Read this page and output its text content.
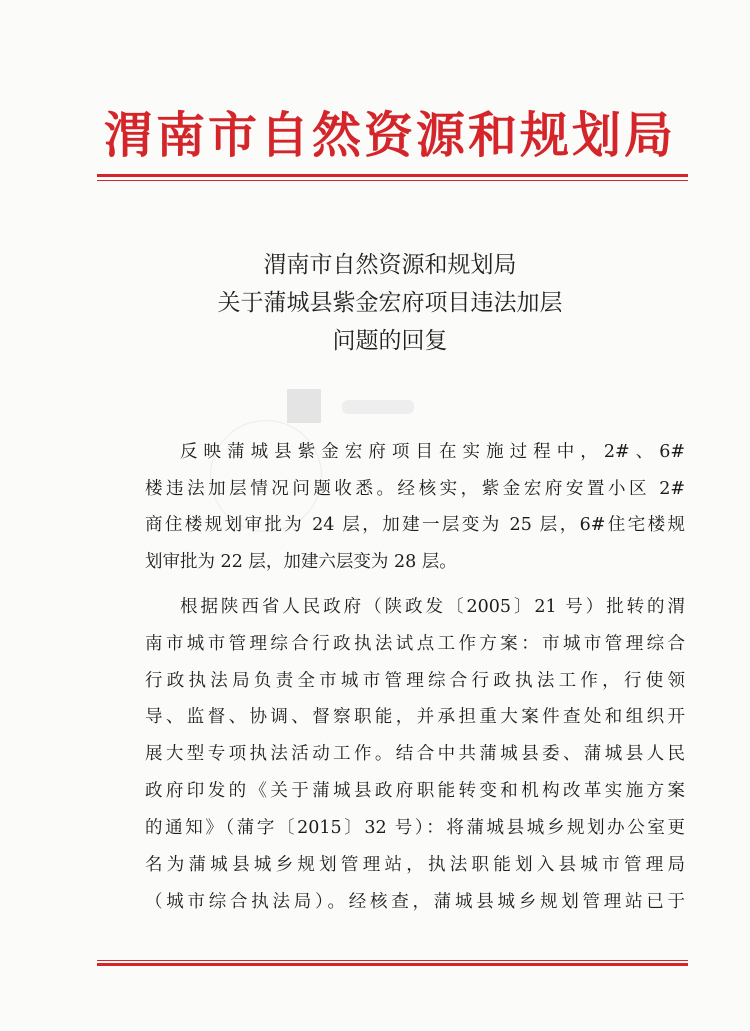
渭南市自然资源和规划局
渭南市自然资源和规划局
关于蒲城县紫金宏府项目违法加层
问题的回复
反映蒲城县紫金宏府项目在实施过程中，2#、6#
楼违法加层情况问题收悉。经核实，紫金宏府安置小区 2#
商住楼规划审批为 24 层，加建一层变为 25 层，6#住宅楼规
划审批为 22 层，加建六层变为 28 层。
根据陕西省人民政府（陕政发〔2005〕21 号）批转的渭
南市城市管理综合行政执法试点工作方案：市城市管理综合
行政执法局负责全市城市管理综合行政执法工作，行使领
导、监督、协调、督察职能，并承担重大案件查处和组织开
展大型专项执法活动工作。结合中共蒲城县委、蒲城县人民
政府印发的《关于蒲城县政府职能转变和机构改革实施方案
的通知》（蒲字〔2015〕32 号）：将蒲城县城乡规划办公室更
名为蒲城县城乡规划管理站，执法职能划入县城市管理局
（城市综合执法局）。经核查，蒲城县城乡规划管理站已于
